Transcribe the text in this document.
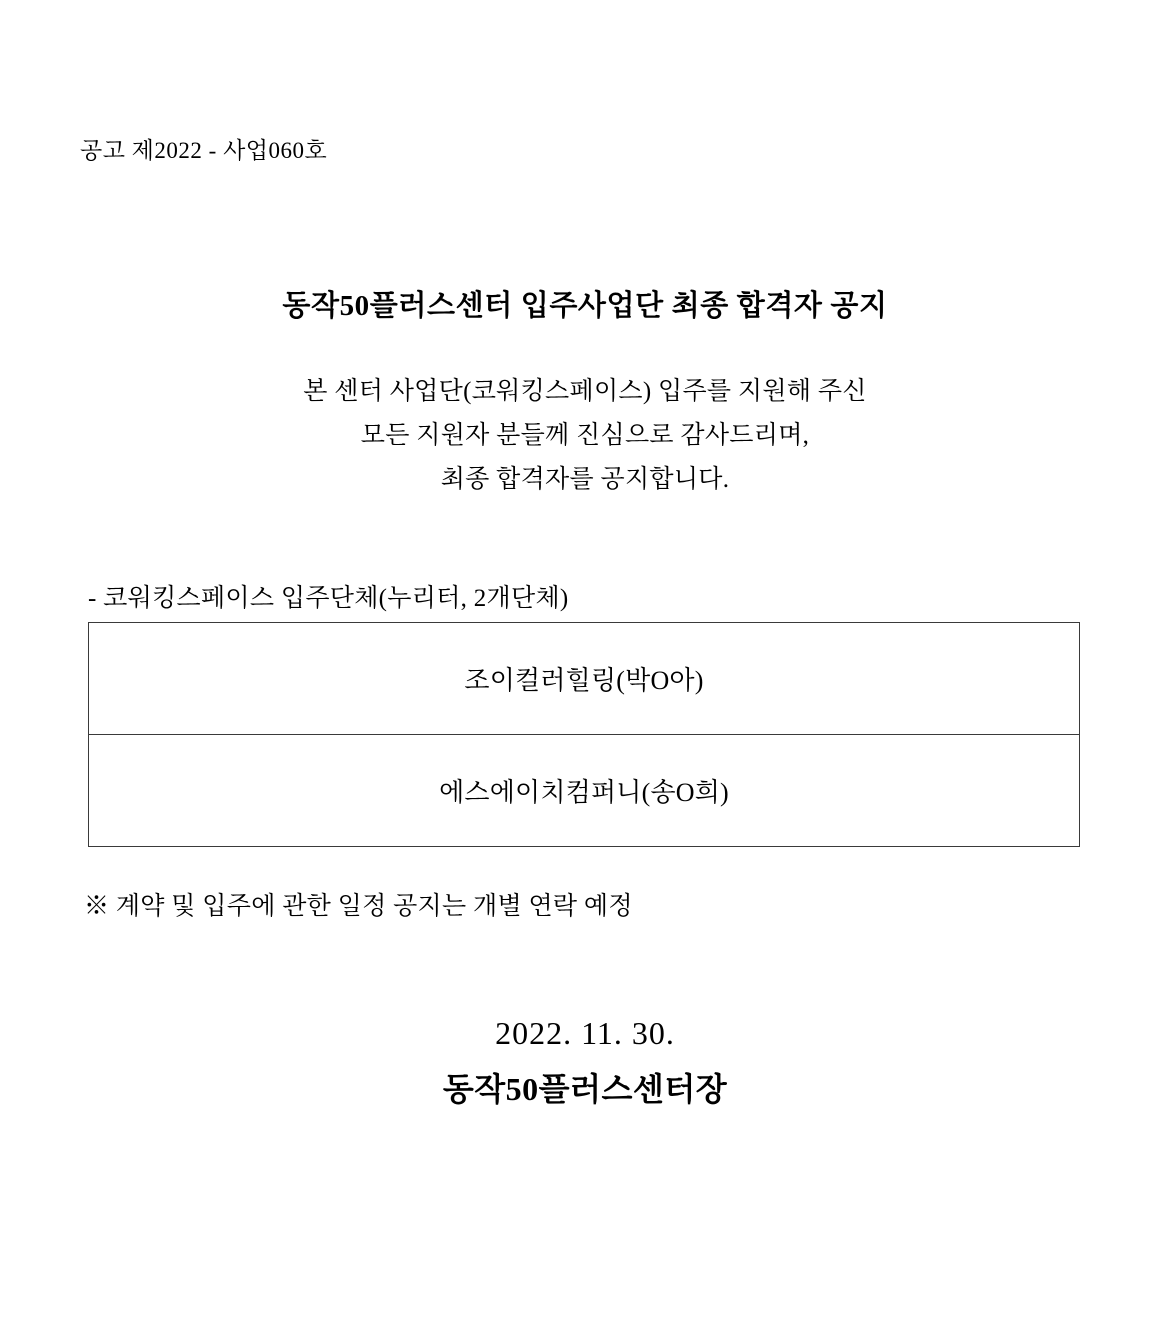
공고 제2022 - 사업060호
동작50플러스센터 입주사업단 최종 합격자 공지
본 센터 사업단(코워킹스페이스) 입주를 지원해 주신
모든 지원자 분들께 진심으로 감사드리며,
최종 합격자를 공지합니다.
- 코워킹스페이스 입주단체(누리터, 2개단체)
조이컬러힐링(박O아)
에스에이치컴퍼니(송O희)
※ 계약 및 입주에 관한 일정 공지는 개별 연락 예정
2022. 11. 30.
동작50플러스센터장
